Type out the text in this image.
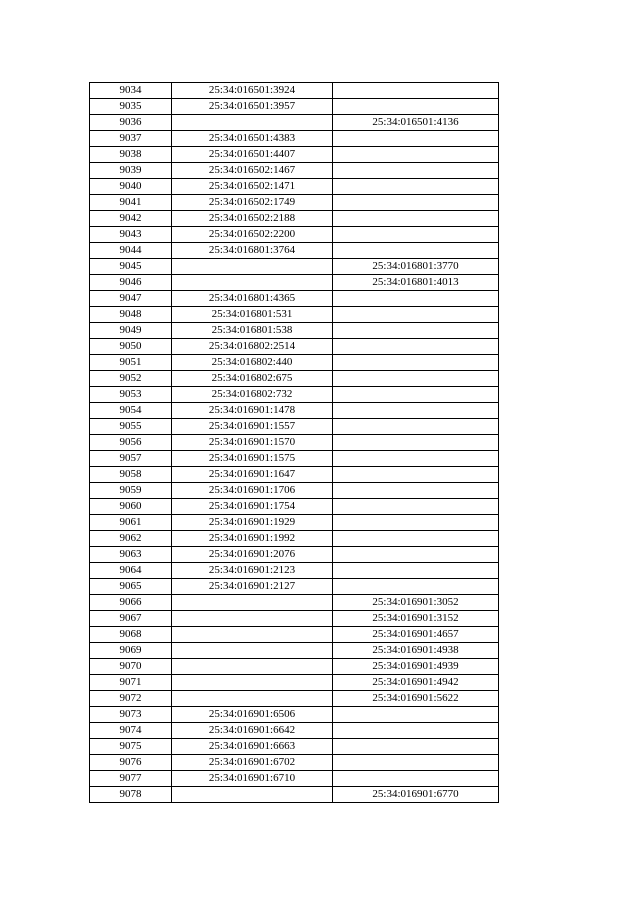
9034	25:34:016501:3924	
9035	25:34:016501:3957	
9036		25:34:016501:4136
9037	25:34:016501:4383	
9038	25:34:016501:4407	
9039	25:34:016502:1467	
9040	25:34:016502:1471	
9041	25:34:016502:1749	
9042	25:34:016502:2188	
9043	25:34:016502:2200	
9044	25:34:016801:3764	
9045		25:34:016801:3770
9046		25:34:016801:4013
9047	25:34:016801:4365	
9048	25:34:016801:531	
9049	25:34:016801:538	
9050	25:34:016802:2514	
9051	25:34:016802:440	
9052	25:34:016802:675	
9053	25:34:016802:732	
9054	25:34:016901:1478	
9055	25:34:016901:1557	
9056	25:34:016901:1570	
9057	25:34:016901:1575	
9058	25:34:016901:1647	
9059	25:34:016901:1706	
9060	25:34:016901:1754	
9061	25:34:016901:1929	
9062	25:34:016901:1992	
9063	25:34:016901:2076	
9064	25:34:016901:2123	
9065	25:34:016901:2127	
9066		25:34:016901:3052
9067		25:34:016901:3152
9068		25:34:016901:4657
9069		25:34:016901:4938
9070		25:34:016901:4939
9071		25:34:016901:4942
9072		25:34:016901:5622
9073	25:34:016901:6506	
9074	25:34:016901:6642	
9075	25:34:016901:6663	
9076	25:34:016901:6702	
9077	25:34:016901:6710	
9078		25:34:016901:6770
